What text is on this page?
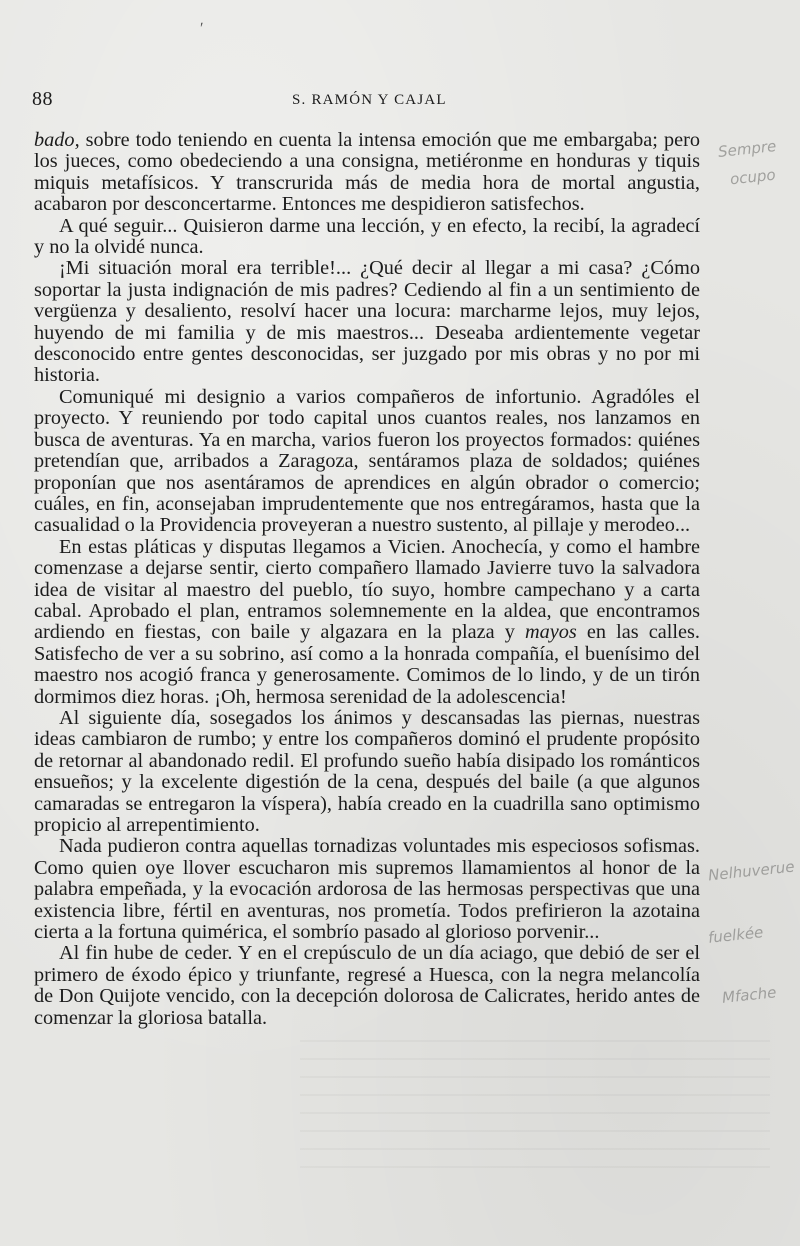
ʹ
88	S. RAMÓN Y CAJAL

bado, sobre todo teniendo en cuenta la intensa emoción que me embargaba; pero los jueces, como obedeciendo a una consigna, metiéronme en honduras y tiquis miquis metafísicos. Y transcrurida más de media hora de mortal angustia, acabaron por desconcertarme. Entonces me despidieron satisfechos.

A qué seguir... Quisieron darme una lección, y en efecto, la recibí, la agradecí y no la olvidé nunca.

¡Mi situación moral era terrible!... ¿Qué decir al llegar a mi casa? ¿Cómo soportar la justa indignación de mis padres? Cediendo al fin a un sentimiento de vergüenza y desaliento, resolví hacer una locura: marcharme lejos, muy lejos, huyendo de mi familia y de mis maestros... Deseaba ardientemente vegetar desconocido entre gentes desconocidas, ser juzgado por mis obras y no por mi historia.

Comuniqué mi designio a varios compañeros de infortunio. Agradóles el proyecto. Y reuniendo por todo capital unos cuantos reales, nos lanzamos en busca de aventuras. Ya en marcha, varios fueron los proyectos formados: quiénes pretendían que, arribados a Zaragoza, sentáramos plaza de soldados; quiénes proponían que nos asentáramos de aprendices en algún obrador o comercio; cuáles, en fin, aconsejaban imprudentemente que nos entregáramos, hasta que la casualidad o la Providencia proveyeran a nuestro sustento, al pillaje y merodeo...

En estas pláticas y disputas llegamos a Vicien. Anochecía, y como el hambre comenzase a dejarse sentir, cierto compañero llamado Javierre tuvo la salvadora idea de visitar al maestro del pueblo, tío suyo, hombre campechano y a carta cabal. Aprobado el plan, entramos solemnemente en la aldea, que encontramos ardiendo en fiestas, con baile y algazara en la plaza y mayos en las calles. Satisfecho de ver a su sobrino, así como a la honrada compañía, el buenísimo del maestro nos acogió franca y generosamente. Comimos de lo lindo, y de un tirón dormimos diez horas. ¡Oh, hermosa serenidad de la adolescencia!

Al siguiente día, sosegados los ánimos y descansadas las piernas, nuestras ideas cambiaron de rumbo; y entre los compañeros dominó el prudente propósito de retornar al abandonado redil. El profundo sueño había disipado los románticos ensueños; y la excelente digestión de la cena, después del baile (a que algunos camaradas se entregaron la víspera), había creado en la cuadrilla sano optimismo propicio al arrepentimiento.

Nada pudieron contra aquellas tornadizas voluntades mis especiosos sofismas. Como quien oye llover escucharon mis supremos llamamientos al honor de la palabra empeñada, y la evocación ardorosa de las hermosas perspectivas que una existencia libre, fértil en aventuras, nos prometía. Todos prefirieron la azotaina cierta a la fortuna quimérica, el sombrío pasado al glorioso porvenir...

Al fin hube de ceder. Y en el crepúsculo de un día aciago, que debió de ser el primero de éxodo épico y triunfante, regresé a Huesca, con la negra melancolía de Don Quijote vencido, con la decepción dolorosa de Calicrates, herido antes de comenzar la gloriosa batalla.

Sempre
ocupo
Nelhuverue
fuelkée
Mfache
